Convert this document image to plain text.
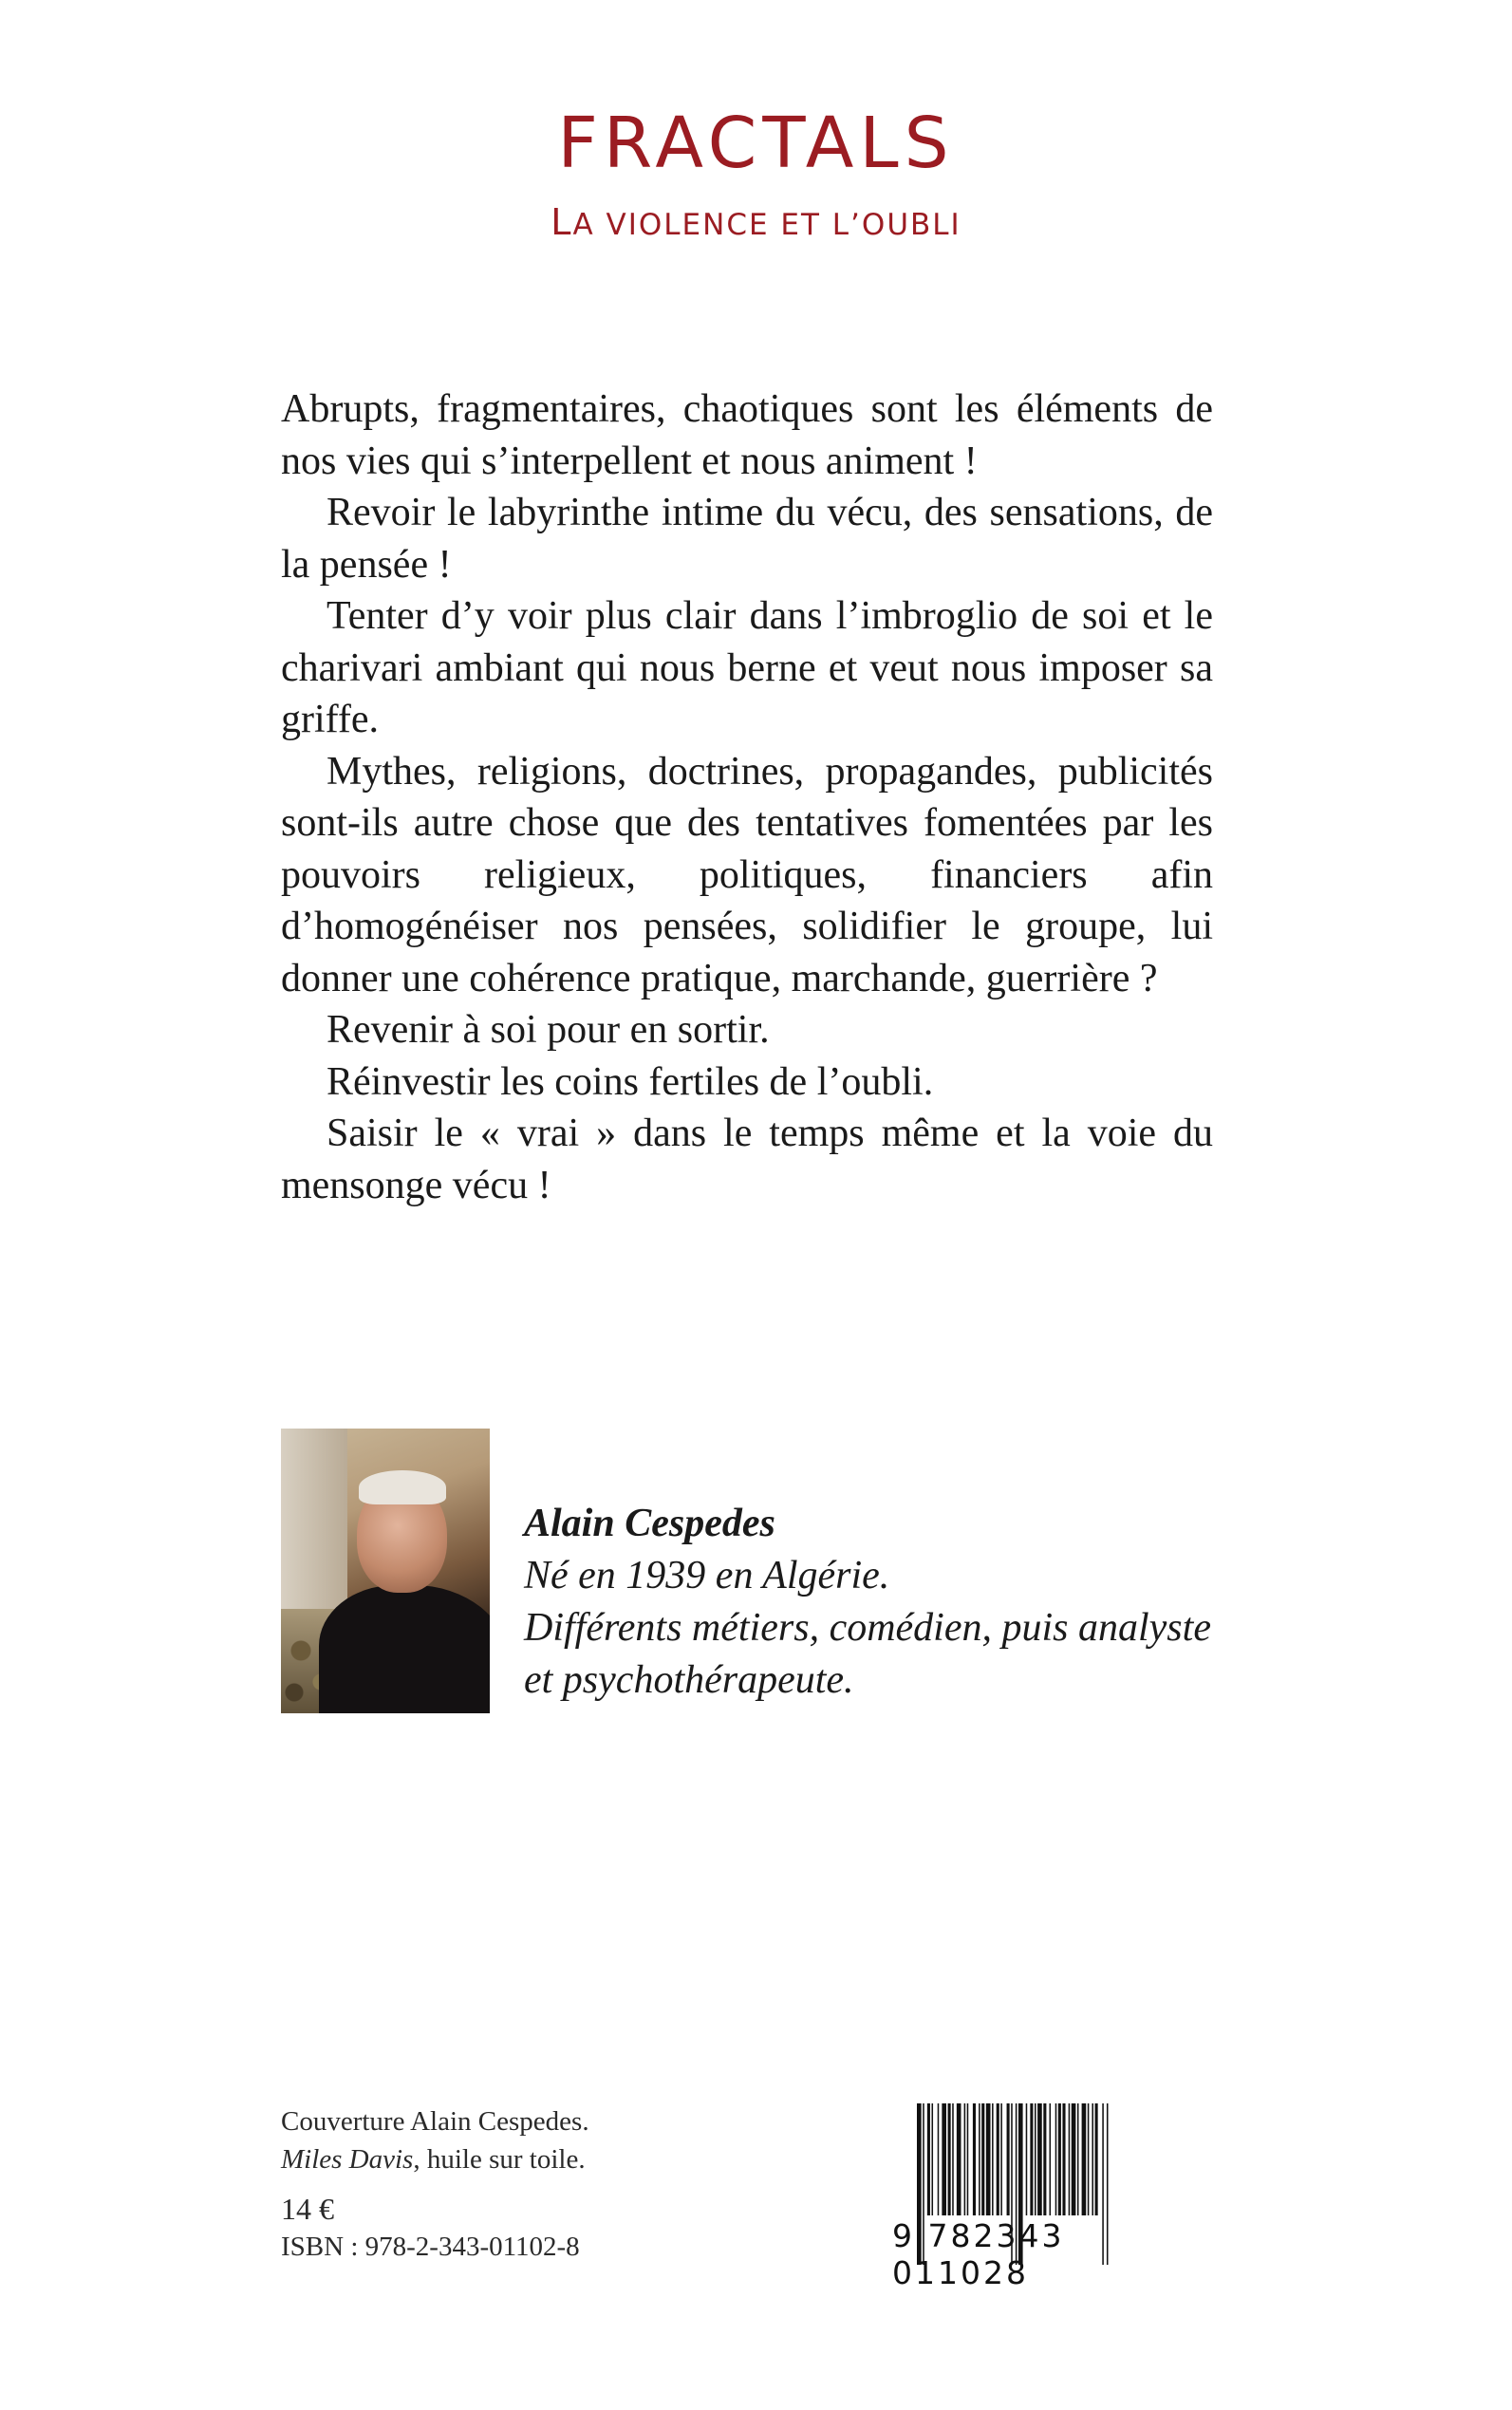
FRACTALS
LA VIOLENCE ET L’OUBLI

Abrupts, fragmentaires, chaotiques sont les éléments de nos vies qui s’interpellent et nous animent !

Revoir le labyrinthe intime du vécu, des sensations, de la pensée !

Tenter d’y voir plus clair dans l’imbroglio de soi et le charivari ambiant qui nous berne et veut nous imposer sa griffe.

Mythes, religions, doctrines, propagandes, publicités sont-ils autre chose que des tentatives fomentées par les pouvoirs religieux, politiques, financiers afin d’homogénéiser nos pensées, solidifier le groupe, lui donner une cohérence pratique, marchande, guerrière ?

Revenir à soi pour en sortir.

Réinvestir les coins fertiles de l’oubli.

Saisir le « vrai » dans le temps même et la voie du mensonge vécu !

Alain Cespedes
Né en 1939 en Algérie.
Différents métiers, comédien, puis analyste et psychothérapeute.
Couverture Alain Cespedes.
Miles Davis, huile sur toile.
14 €
ISBN : 978-2-343-01102-8	9 782343 011028
